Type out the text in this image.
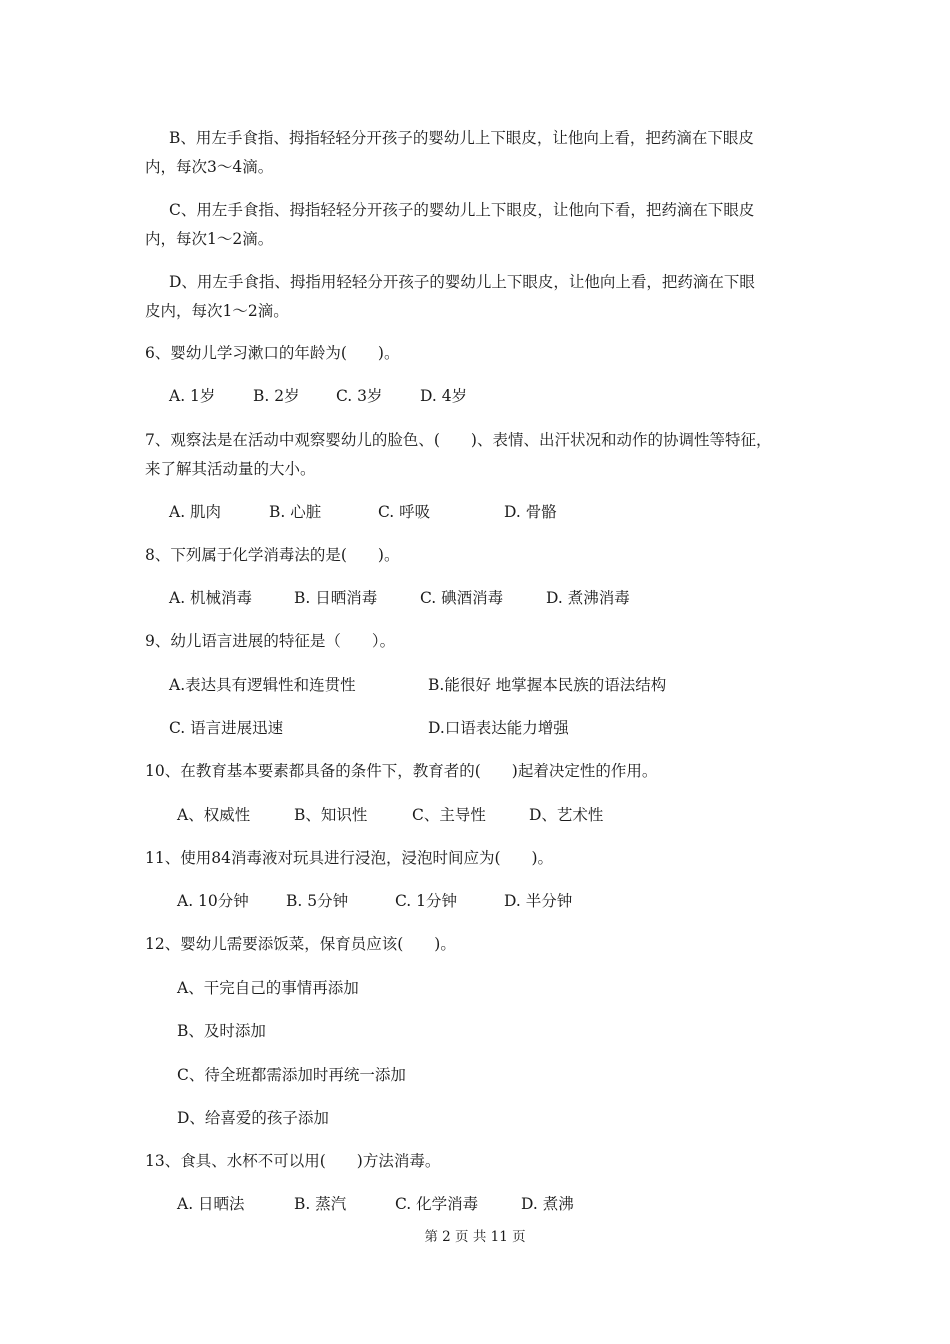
B、用左手食指、拇指轻轻分开孩子的婴幼儿上下眼皮，让他向上看，把药滴在下眼皮
内，每次3～4滴。
C、用左手食指、拇指轻轻分开孩子的婴幼儿上下眼皮，让他向下看，把药滴在下眼皮
内，每次1～2滴。
D、用左手食指、拇指用轻轻分开孩子的婴幼儿上下眼皮，让他向上看，把药滴在下眼
皮内，每次1～2滴。
6、婴幼儿学习漱口的年龄为(　　)。
A. 1岁 B. 2岁 C. 3岁 D. 4岁
7、观察法是在活动中观察婴幼儿的脸色、(　　)、表情、出汗状况和动作的协调性等特征，
来了解其活动量的大小。
A. 肌肉	B. 心脏	C. 呼吸	D. 骨骼
8、下列属于化学消毒法的是(　　)。
A. 机械消毒	B. 日晒消毒	C. 碘酒消毒	D. 煮沸消毒
9、幼儿语言进展的特征是（　　）。
A.表达具有逻辑性和连贯性	B.能很好 地掌握本民族的语法结构
C. 语言进展迅速	D.口语表达能力增强
10、在教育基本要素都具备的条件下，教育者的(　　)起着决定性的作用。
A、权威性	B、知识性	C、主导性	D、艺术性
11、使用84消毒液对玩具进行浸泡，浸泡时间应为(　　)。
A. 10分钟 B. 5分钟	C. 1分钟	D. 半分钟
12、婴幼儿需要添饭菜，保育员应该(　　)。
A、干完自己的事情再添加
B、及时添加
C、待全班都需添加时再统一添加
D、给喜爱的孩子添加
13、食具、水杯不可以用(　　)方法消毒。
A. 日晒法	B. 蒸汽	C. 化学消毒	D. 煮沸
第 2 页 共 11 页
